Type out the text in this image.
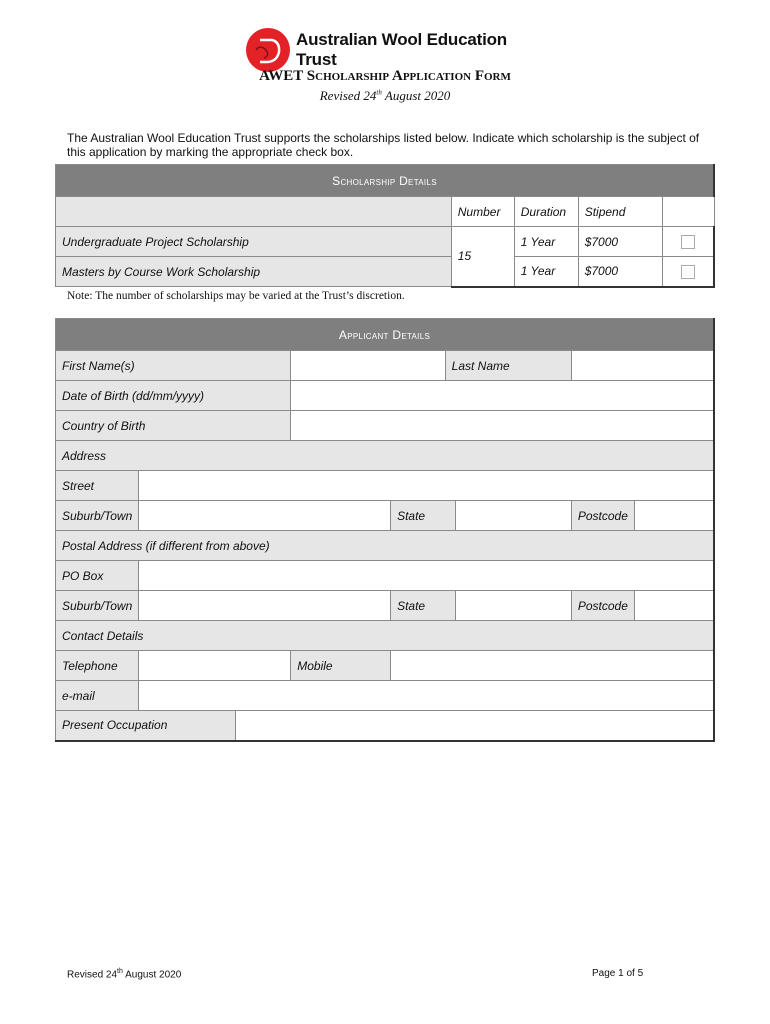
Australian Wool Education Trust
AWET Scholarship Application Form
Revised 24th August 2020
The Australian Wool Education Trust supports the scholarships listed below. Indicate which scholarship is the subject of this application by marking the appropriate check box.
Scholarship Details				
	Number	Duration	Stipend	
Undergraduate Project Scholarship	15	1 Year	$7000	
Masters by Course Work Scholarship		1 Year	$7000	
Note: The number of scholarships may be varied at the Trust’s discretion.
Applicant Details								
First Name(s)					Last Name			
Date of Birth (dd/mm/yyyy)								
Country of Birth								
Address								
Street								
Suburb/Town				State			Postcode	
Postal Address (if different from above)								
PO Box								
Suburb/Town				State			Postcode	
Contact Details								
Telephone			Mobile					
e-mail								
Present Occupation								
Revised 24th August 2020	Page 1 of 5
